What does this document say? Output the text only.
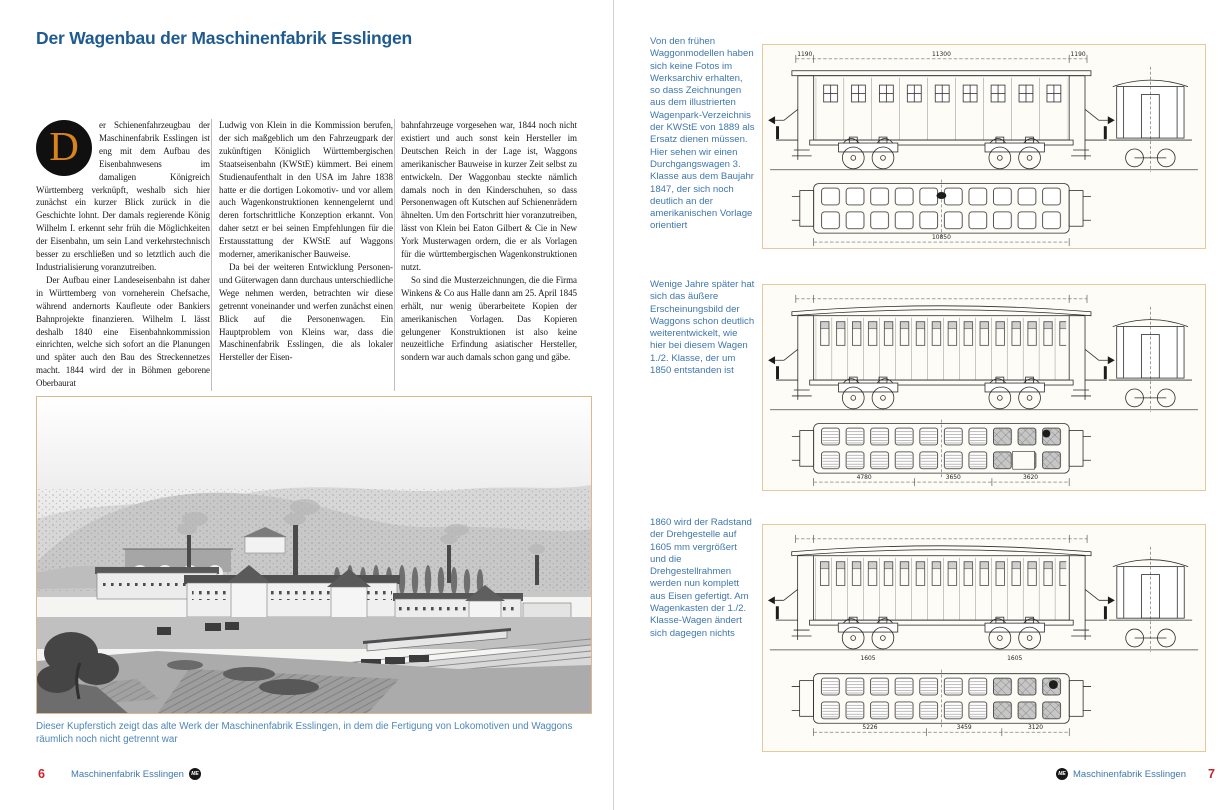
Der Wagenbau der Maschinenfabrik Esslingen

D er Schienenfahrzeugbau der Maschinenfabrik Esslingen ist eng mit dem Aufbau des Eisenbahnwesens im damaligen Königreich Württemberg verknüpft, weshalb sich hier zunächst ein kurzer Blick zurück in die Geschichte lohnt. Der damals regierende König Wilhelm I. erkennt sehr früh die Möglichkeiten der Eisenbahn, um sein Land verkehrstechnisch besser zu erschließen und so letztlich auch die Industrialisierung voranzutreiben.

Der Aufbau einer Landeseisenbahn ist daher in Württemberg von vorneherein Chefsache, während andernorts Kaufleute oder Bankiers Bahnprojekte finanzieren. Wilhelm I. lässt deshalb 1840 eine Eisenbahnkommission einrichten, welche sich sofort an die Planungen und später auch den Bau des Streckennetzes macht. 1844 wird der in Böhmen geborene Oberbaurat

Ludwig von Klein in die Kommission berufen, der sich maßgeblich um den Fahrzeugpark der zukünftigen Königlich Württembergischen Staatseisenbahn (KWStE) kümmert. Bei einem Studienaufenthalt in den USA im Jahre 1838 hatte er die dortigen Lokomotiv- und vor allem auch Wagenkonstruktionen kennengelernt und deren fortschrittliche Konzeption erkannt. Von daher setzt er bei seinen Empfehlungen für die Erstausstattung der KWStE auf Waggons moderner, amerikanischer Bauweise.

Da bei der weiteren Entwicklung Personen- und Güterwagen dann durchaus unterschiedliche Wege nehmen werden, betrachten wir diese getrennt voneinander und werfen zunächst einen Blick auf die Personenwagen. Ein Hauptproblem von Kleins war, dass die Maschinenfabrik Esslingen, die als lokaler Hersteller der Eisen-

bahnfahrzeuge vorgesehen war, 1844 noch nicht existiert und auch sonst kein Hersteller im Deutschen Reich in der Lage ist, Waggons amerikanischer Bauweise in kurzer Zeit selbst zu entwickeln. Der Waggonbau steckte nämlich damals noch in den Kinderschuhen, so dass Personenwagen oft Kutschen auf Schienenrädern ähnelten. Um den Fortschritt hier voranzutreiben, lässt von Klein bei Eaton Gilbert & Cie in New York Musterwagen ordern, die er als Vorlagen für die württembergischen Wagenkonstruktionen nutzt.

So sind die Musterzeichnungen, die die Firma Winkens & Co aus Halle dann am 25. April 1845 erhält, nur wenig überarbeitete Kopien der amerikanischen Vorlagen. Das Kopieren gelungener Konstruktionen ist also keine neuzeitliche Erfindung asiatischer Hersteller, sondern war auch damals schon gang und gäbe.

Dieser Kupferstich zeigt das alte Werk der Maschinenfabrik Esslingen, in dem die Fertigung von Lokomotiven und Waggons räumlich noch nicht getrennt war

6	Maschinenfabrik Esslingen	ME

Von den frühen Waggonmodellen haben sich keine Fotos im Werksarchiv erhalten, so dass Zeichnungen aus dem illustrierten Wagenpark-Verzeichnis der KWStE von 1889 als Ersatz dienen müssen. Hier sehen wir einen Durchgangswagen 3. Klasse aus dem Baujahr 1847, der sich noch deutlich an der amerikanischen Vorlage orientiert

Wenige Jahre später hat sich das äußere Erscheinungsbild der Waggons schon deutlich weiterentwickelt, wie hier bei diesem Wagen 1./2. Klasse, der um 1850 entstanden ist

1860 wird der Radstand der Drehgestelle auf 1605 mm vergrößert und die Drehgestellrahmen werden nun komplett aus Eisen gefertigt. Am Wagenkasten der 1./2. Klasse-Wagen ändert sich dagegen nichts

1190	11300	1190
10850
4780	3650	3620
1605	1605
5226	3459	3120
ME Maschinenfabrik Esslingen 7
